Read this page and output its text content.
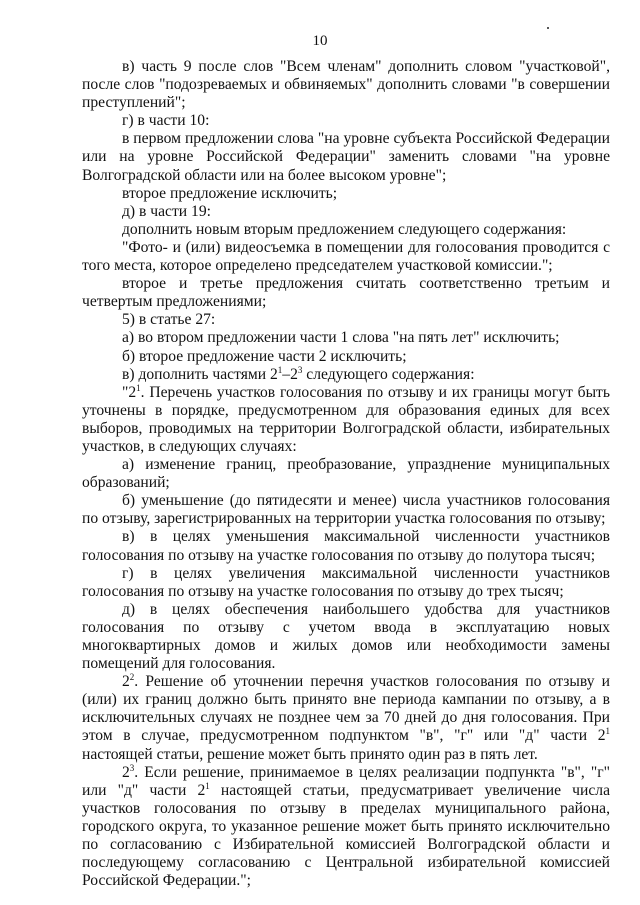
10

в) часть 9 после слов "Всем членам" дополнить словом "участковой", после слов "подозреваемых и обвиняемых" дополнить словами "в совершении преступлений";

г) в части 10:

в первом предложении слова "на уровне субъекта Российской Федерации или на уровне Российской Федерации" заменить словами "на уровне Волгоградской области или на более высоком уровне";

второе предложение исключить;

д) в части 19:

дополнить новым вторым предложением следующего содержания:

"Фото- и (или) видеосъемка в помещении для голосования проводится с того места, которое определено председателем участковой комиссии.";

второе и третье предложения считать соответственно третьим и четвертым предложениями;

5) в статье 27:

а) во втором предложении части 1 слова "на пять лет" исключить;

б) второе предложение части 2 исключить;

в) дополнить частями $2^1-2^3$ следующего содержания:

"$2^1$. Перечень участков голосования по отзыву и их границы могут быть уточнены в порядке, предусмотренном для образования единых для всех выборов, проводимых на территории Волгоградской области, избирательных участков, в следующих случаях:

а) изменение границ, преобразование, упразднение муниципальных образований;

б) уменьшение (до пятидесяти и менее) числа участников голосования по отзыву, зарегистрированных на территории участка голосования по отзыву;

в) в целях уменьшения максимальной численности участников голосования по отзыву на участке голосования по отзыву до полутора тысяч;

г) в целях увеличения максимальной численности участников голосования по отзыву на участке голосования по отзыву до трех тысяч;

д) в целях обеспечения наибольшего удобства для участников голосования по отзыву с учетом ввода в эксплуатацию новых многоквартирных домов и жилых домов или необходимости замены помещений для голосования.

$2^2$. Решение об уточнении перечня участков голосования по отзыву и (или) их границ должно быть принято вне периода кампании по отзыву, а в исключительных случаях не позднее чем за 70 дней до дня голосования. При этом в случае, предусмотренном подпунктом "в", "г" или "д" части $2^1$ настоящей статьи, решение может быть принято один раз в пять лет.

$2^3$. Если решение, принимаемое в целях реализации подпункта "в", "г" или "д" части $2^1$ настоящей статьи, предусматривает увеличение числа участков голосования по отзыву в пределах муниципального района, городского округа, то указанное решение может быть принято исключительно по согласованию с Избирательной комиссией Волгоградской области и последующему согласованию с Центральной избирательной комиссией Российской Федерации.";
